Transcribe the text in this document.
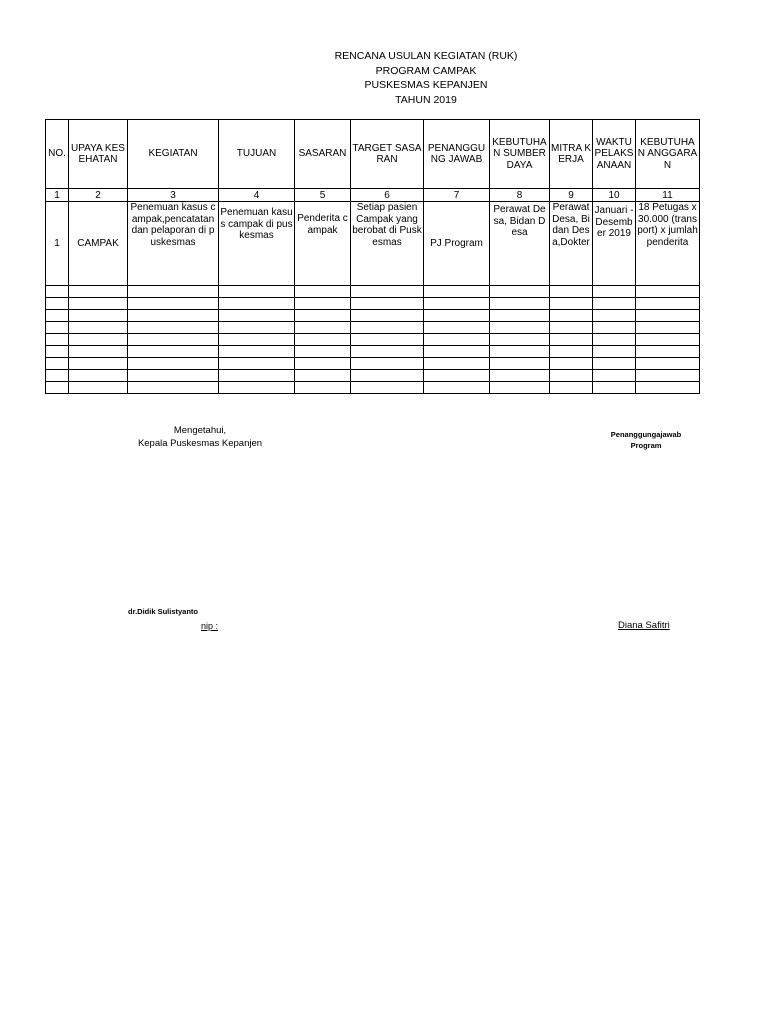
RENCANA USULAN KEGIATAN (RUK)
PROGRAM CAMPAK
PUSKESMAS KEPANJEN
TAHUN 2019
NO.	UPAYA KESEHATAN	KEGIATAN	TUJUAN	SASARAN	TARGET SASARAN	PENANGGUNG JAWAB	KEBUTUHAN SUMBER DAYA	MITRA KERJA	WAKTU PELAKSANAAN	KEBUTUHAN ANGGARAN
1	2	3	4	5	6	7	8	9	10	11
1	CAMPAK	Penemuan kasus campak,pencatatan dan pelaporan di puskesmas	Penemuan kasus campak di puskesmas	Penderita campak	Setiap pasien Campak yang berobat di Puskesmas	PJ Program	Perawat Desa, Bidan Desa	Perawat Desa, Bidan Desa,Dokter	Januari - Desember 2019	18 Petugas x 30.000 (transport) x jumlah penderita

Mengetahui,
Kepala Puskesmas Kepanjen
Penanggungajawab Program
dr.Didik Sulistyanto
nip :	Diana Safitri
